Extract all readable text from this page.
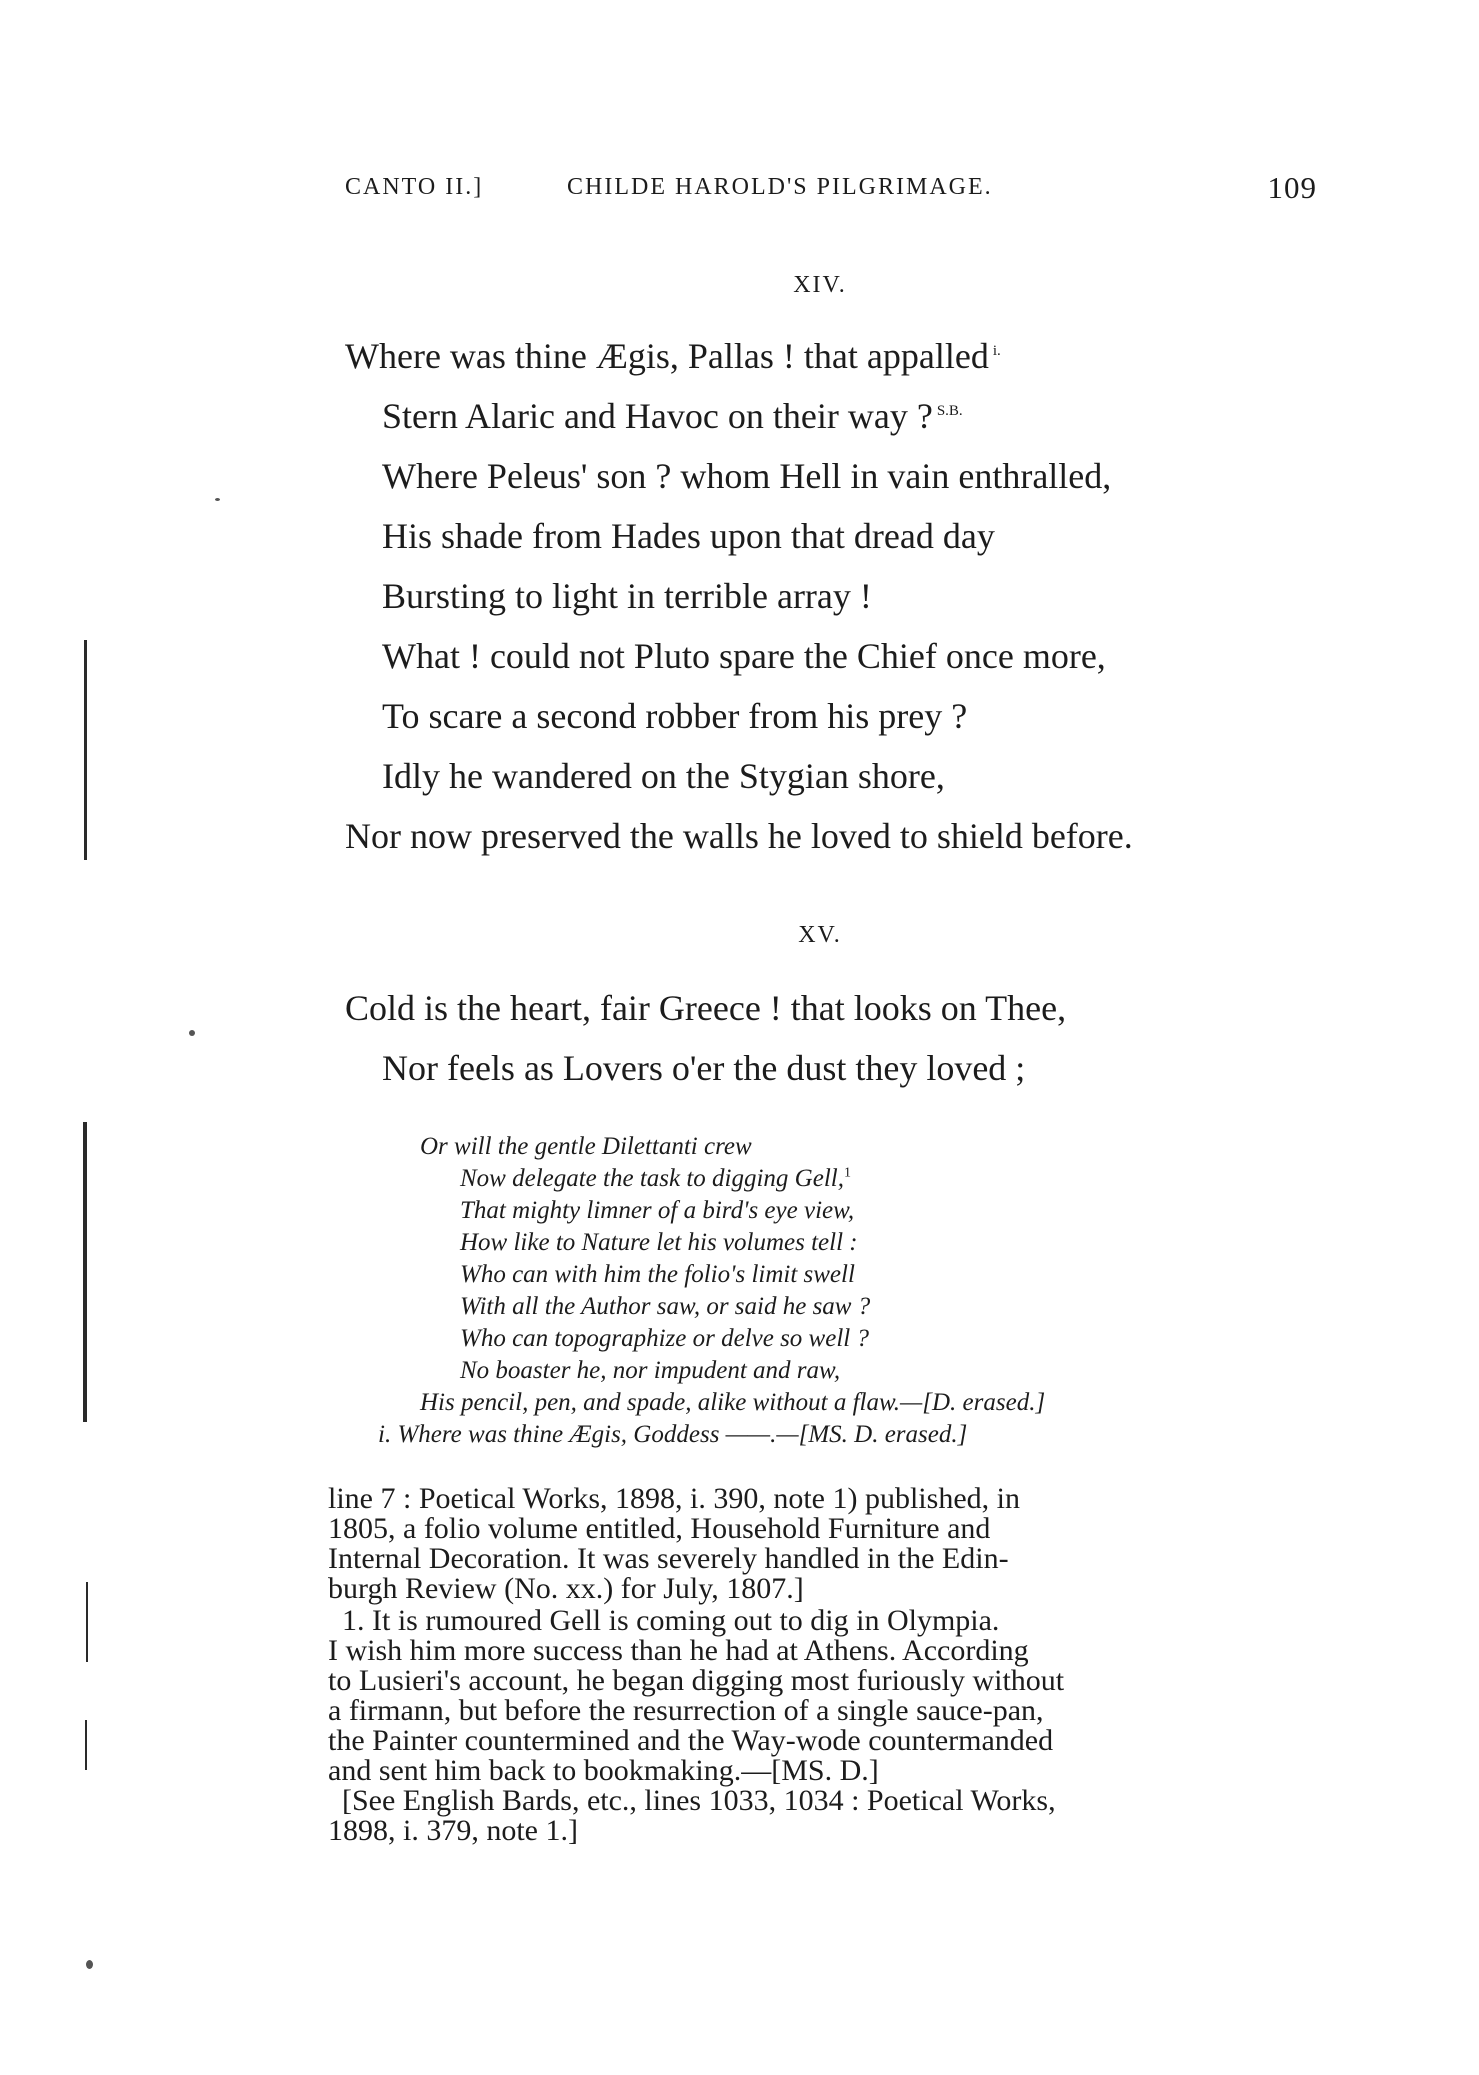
CANTO II.]	CHILDE HAROLD'S PILGRIMAGE.	109
XIV.
Where was thine Ægis, Pallas ! that appalled $^{i.}$
Stern Alaric and Havoc on their way ? $^{S.B.}$
Where Peleus' son ? whom Hell in vain enthralled,
His shade from Hades upon that dread day
Bursting to light in terrible array !
What ! could not Pluto spare the Chief once more,
To scare a second robber from his prey ?
Idly he wandered on the Stygian shore,
Nor now preserved the walls he loved to shield before.
XV.
Cold is the heart, fair Greece ! that looks on Thee,
Nor feels as Lovers o'er the dust they loved ;
Or will the gentle Dilettanti crew
Now delegate the task to digging Gell,$^1$
That mighty limner of a bird's eye view,
How like to Nature let his volumes tell :
Who can with him the folio's limit swell
With all the Author saw, or said he saw ?
Who can topographize or delve so well ?
No boaster he, nor impudent and raw,
His pencil, pen, and spade, alike without a flaw.—[D. erased.]
i. Where was thine Ægis, Goddess ——.—[MS. D. erased.]
line 7 : Poetical Works, 1898, i. 390, note 1) published, in
1805, a folio volume entitled, Household Furniture and
Internal Decoration. It was severely handled in the Edin-
burgh Review (No. xx.) for July, 1807.]
1. It is rumoured Gell is coming out to dig in Olympia.
I wish him more success than he had at Athens. According
to Lusieri's account, he began digging most furiously without
a firmann, but before the resurrection of a single sauce-pan,
the Painter countermined and the Way-wode countermanded
and sent him back to bookmaking.—[MS. D.]
[See English Bards, etc., lines 1033, 1034 : Poetical Works,
1898, i. 379, note 1.]
